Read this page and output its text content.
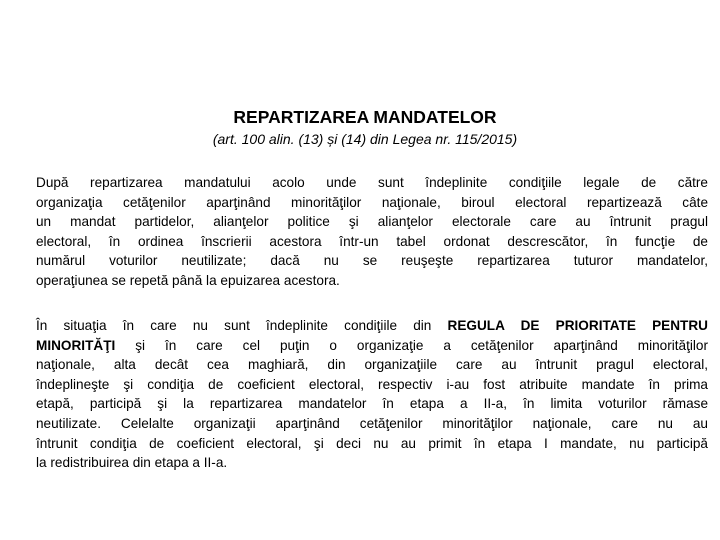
REPARTIZAREA MANDATELOR
(art. 100 alin. (13) și (14) din Legea nr. 115/2015)
După repartizarea mandatului acolo unde sunt îndeplinite condiţiile legale de către
organizaţia cetăţenilor aparţinând minorităţilor naţionale, biroul electoral repartizează câte
un mandat partidelor, alianţelor politice şi alianţelor electorale care au întrunit pragul
electoral, în ordinea înscrierii acestora într-un tabel ordonat descrescător, în funcţie de
numărul voturilor neutilizate; dacă nu se reuşeşte repartizarea tuturor mandatelor,
operaţiunea se repetă până la epuizarea acestora.
În situaţia în care nu sunt îndeplinite condiţiile din REGULA DE PRIORITATE PENTRU
MINORITĂŢI şi în care cel puţin o organizaţie a cetăţenilor aparţinând minorităţilor
naţionale, alta decât cea maghiară, din organizaţiile care au întrunit pragul electoral,
îndeplineşte şi condiţia de coeficient electoral, respectiv i-au fost atribuite mandate în prima
etapă, participă şi la repartizarea mandatelor în etapa a II-a, în limita voturilor rămase
neutilizate. Celelalte organizaţii aparţinând cetăţenilor minorităţilor naţionale, care nu au
întrunit condiţia de coeficient electoral, şi deci nu au primit în etapa I mandate, nu participă
la redistribuirea din etapa a II-a.
